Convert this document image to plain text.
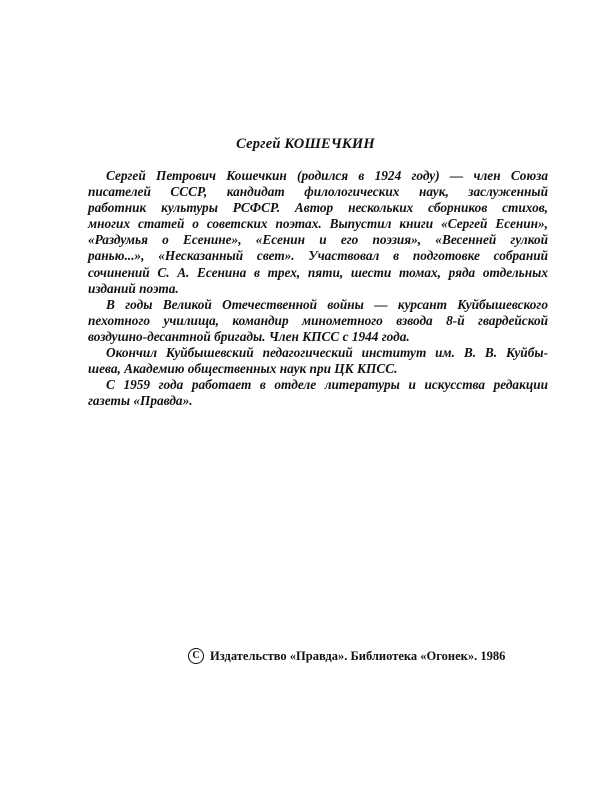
Сергей КОШЕЧКИН
Сергей Петрович Кошечкин (родился в 1924 году) — член Союза
писателей СССР, кандидат филологических наук, заслуженный
работник культуры РСФСР. Автор нескольких сборников стихов,
многих статей о советских поэтах. Выпустил книги «Сергей Есенин»,
«Раздумья о Есенине», «Есенин и его поэзия», «Весенней гулкой
ранью...», «Несказанный свет». Участвовал в подготовке собраний
сочинений С. А. Есенина в трех, пяти, шести томах, ряда отдельных
изданий поэта.
В годы Великой Отечественной войны — курсант Куйбышевского
пехотного училища, командир минометного взвода 8-й гвардейской
воздушно-десантной бригады. Член КПСС с 1944 года.
Окончил Куйбышевский педагогический институт им. В. В. Куйбы-
шева, Академию общественных наук при ЦК КПСС.
С 1959 года работает в отделе литературы и искусства редакции
газеты «Правда».
C Издательство «Правда». Библиотека «Огонек». 1986
